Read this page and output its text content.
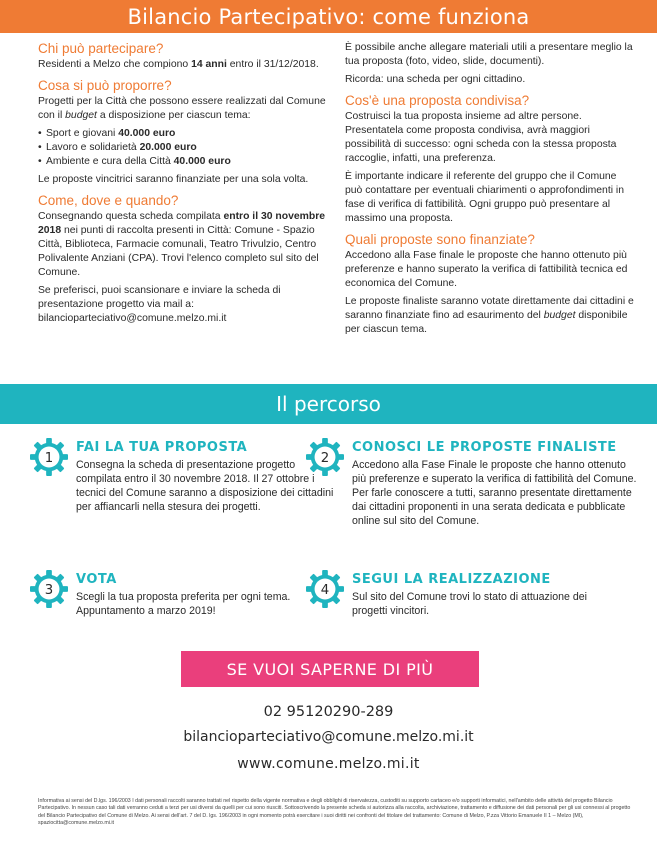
Bilancio Partecipativo: come funziona
Chi può partecipare?

Residenti a Melzo che compiono 14 anni entro il 31/12/2018.

Cosa si può proporre?

Progetti per la Città che possono essere realizzati dal Comune con il budget a disposizione per ciascun tema:

• Sport e giovani 40.000 euro
• Lavoro e solidarietà 20.000 euro
• Ambiente e cura della Città 40.000 euro

Le proposte vincitrici saranno finanziate per una sola volta.

Come, dove e quando?

Consegnando questa scheda compilata entro il 30 novembre 2018 nei punti di raccolta presenti in Città: Comune - Spazio Città, Biblioteca, Farmacie comunali, Teatro Trivulzio, Centro Polivalente Anziani (CPA). Trovi l'elenco completo sul sito del Comune.

Se preferisci, puoi scansionare e inviare la scheda di presentazione progetto via mail a: bilancioparteciativo@comune.melzo.mi.it

È possibile anche allegare materiali utili a presentare meglio la tua proposta (foto, video, slide, documenti).

Ricorda: una scheda per ogni cittadino.

Cos'è una proposta condivisa?

Costruisci la tua proposta insieme ad altre persone. Presentatela come proposta condivisa, avrà maggiori possibilità di successo: ogni scheda con la stessa proposta raccoglie, infatti, una preferenza.

È importante indicare il referente del gruppo che il Comune può contattare per eventuali chiarimenti o approfondimenti in fase di verifica di fattibilità. Ogni gruppo può presentare al massimo una proposta.

Quali proposte sono finanziate?

Accedono alla Fase finale le proposte che hanno ottenuto più preferenze e hanno superato la verifica di fattibilità tecnica ed economica del Comune.

Le proposte finaliste saranno votate direttamente dai cittadini e saranno finanziate fino ad esaurimento del budget disponibile per ciascun tema.

Il percorso
1
FAI LA TUA PROPOSTA

Consegna la scheda di presentazione progetto compilata entro il 30 novembre 2018. Il 27 ottobre i tecnici del Comune saranno a disposizione dei cittadini per affiancarli nella stesura dei progetti.

2
CONOSCI LE PROPOSTE FINALISTE

Accedono alla Fase Finale le proposte che hanno ottenuto più preferenze e superato la verifica di fattibilità del Comune. Per farle conoscere a tutti, saranno presentate direttamente dai cittadini proponenti in una serata dedicata e pubblicate online sul sito del Comune.

3
VOTA

Scegli la tua proposta preferita per ogni tema. Appuntamento a marzo 2019!

4
SEGUI LA REALIZZAZIONE

Sul sito del Comune trovi lo stato di attuazione dei progetti vincitori.

SE VUOI SAPERNE DI PIÙ
02 95120290-289
bilancioparteciativo@comune.melzo.mi.it
www.comune.melzo.mi.it
Informativa ai sensi del D.lgs. 196/2003 I dati personali raccolti saranno trattati nel rispetto della vigente normativa e degli obblighi di riservatezza, custoditi su supporto cartaceo e/o supporti informatici, nell'ambito delle attività del progetto Bilancio Partecipativo. In nessun caso tali dati verranno ceduti a terzi per usi diversi da quelli per cui sono riusciti. Sottoscrivendo la presente scheda si autorizza alla raccolta, archiviazione, trattamento e diffusione dei dati personali per gli usi connessi al progetto del Bilancio Partecipativo del Comune di Melzo. Ai sensi dell'art. 7 del D. lgs. 196/2003 in ogni momento potrà esercitare i suoi diritti nei confronti del titolare del trattamento: Comune di Melzo, P.zza Vittorio Emanuele II 1 – Melzo (MI), spaziocitta@comune.melzo.mi.it
